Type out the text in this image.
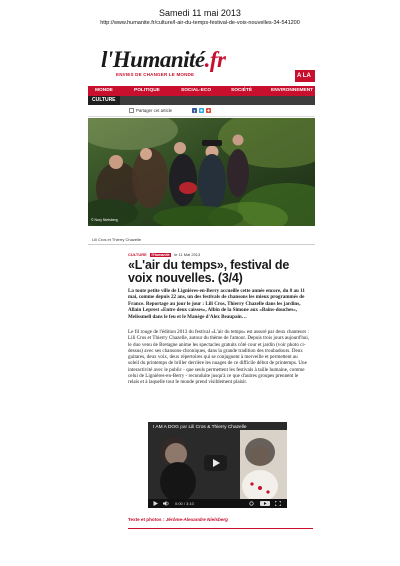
Samedi 11 mai 2013
http://www.humanite.fr/culture/l-air-du-temps-festival-de-voix-nouvelles-34-541200
l'Humanité.fr
ENVIES DE CHANGER LE MONDE	A LA
MONDE	POLITIQUE	SOCIAL-ECO	SOCIÉTÉ	ENVIRONNEMENT
CULTURE
Partager cet article	f
© Nury Nielsberg
Lili Cros et Thierry Chazelle
CULTURE l'Humanité le 11 Mai 2013
«L'air du temps», festival de voix nouvelles. (3/4)
La toute petite ville de Lignières-en-Berry accueille cette année encore, du 8 au 11 mai, comme depuis 22 ans, un des festivals de chansons les mieux programmés de France. Reportage au jour le jour : Lili Cros, Thierry Chazelle dans les jardins, Allain Leprest «Entre deux caisses», Albin de la Simone aux «Bains-douches», Melissmell dans le feu et le Manège d'Alex Beaupain…
Le fil rouge de l'édition 2013 du festival «L'air du temps» est assuré par deux chanteurs : Lili Cros et Thierry Chazelle, autour du thème de l'amour. Depuis trois jours aujourd'hui, le duo venu de Bretagne anime les spectacles gratuits côté cour et jardin (voir photo ci-dessus) avec ses chansons-chroniques, dans la grande tradition des troubadours. Deux guitares, deux voix, deux répertoires qui se conjuguent à merveille et permettent au soleil du printemps de briller derrière les nuages de ce difficile début de printemps. Une interactivité avec le public - que seuls permettent les festivals à taille humaine, comme celui de Lignières-en-Berry - reconduite jusqu'à ce que d'autres groupes prennent le relais et à laquelle tout le monde prend visiblement plaisir.
I AM A DOG par Lili Cros & Thierry Chazelle
0:00 / 3:10
Texte et photos : Jérôme-Alexandre Nielsberg
